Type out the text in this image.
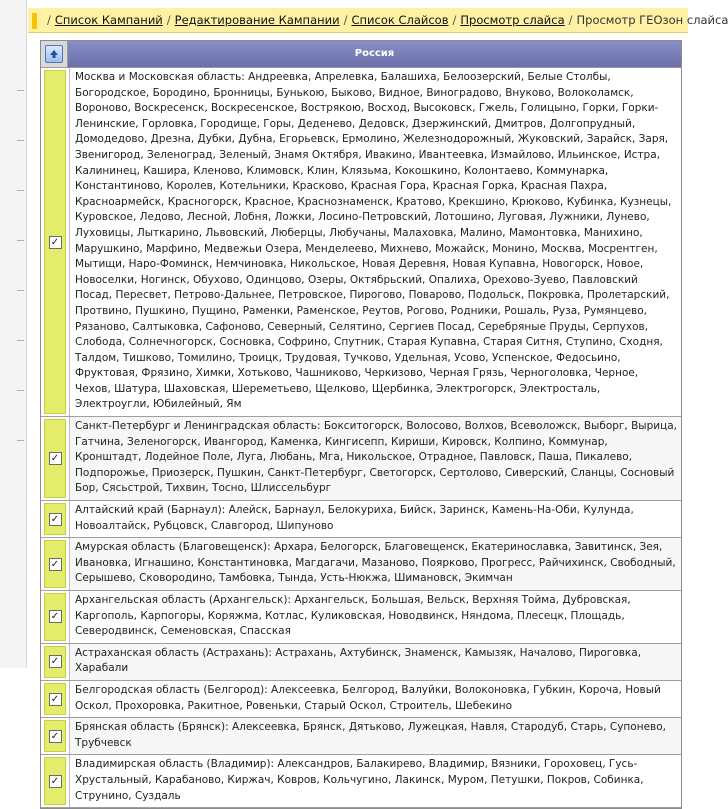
/ Список Кампаний / Редактирование Кампании / Список Слайсов / Просмотр слайса / Просмотр ГЕОзон слайса
Россия
✓
Москва и Московская область: Андреевка, Апрелевка, Балашиха, Белоозерский, Белые Столбы, Богородское, Бородино, Бронницы, Бунькою, Быково, Видное, Виноградово, Внуково, Волоколамск, Вороново, Воскресенск, Воскресенское, Вострякою, Восход, Высоковск, Гжель, Голицыно, Горки, Горки-Ленинские, Горловка, Городище, Горы, Деденево, Дедовск, Дзержинский, Дмитров, Долгопрудный, Домодедово, Дрезна, Дубки, Дубна, Егорьевск, Ермолино, Железнодорожный, Жуковский, Зарайск, Заря, Звенигород, Зеленоград, Зеленый, Знамя Октября, Ивакино, Ивантеевка, Измайлово, Ильинское, Истра, Калининец, Кашира, Кленово, Климовск, Клин, Клязьма, Кокошкино, Колонтаево, Коммунарка, Константиново, Королев, Котельники, Красково, Красная Гора, Красная Горка, Красная Пахра, Краснoармейск, Красногорск, Красное, Краснознаменск, Кратово, Крекшино, Крюково, Кубинка, Кузнецы, Куровское, Ледово, Лесной, Лобня, Ложки, Лосино-Петровский, Лотошино, Луговая, Лужники, Лунево, Луховицы, Лыткарино, Львовский, Люберцы, Любучаны, Малаховка, Малино, Мамонтовка, Манихино, Марушкино, Марфино, Медвежьи Озера, Менделеево, Михнево, Можайск, Монино, Москва, Мосрентген, Мытищи, Наро-Фоминск, Немчиновка, Никольское, Новая Деревня, Новая Купавна, Новогорск, Новое, Новоселки, Ногинск, Обухово, Одинцово, Озеры, Октябрьский, Опалиха, Орехово-Зуево, Павловский Посад, Пересвет, Петрово-Дальнее, Петровское, Пирогово, Поварово, Подольск, Покровка, Пролетарский, Протвино, Пушкино, Пущино, Раменки, Раменское, Реутов, Рогово, Родники, Рошаль, Руза, Румянцево, Рязаново, Салтыковка, Сафоново, Северный, Селятино, Сергиев Посад, Серебряные Пруды, Серпухов, Слобода, Солнечногорск, Сосновка, Софрино, Спутник, Старая Купавна, Старая Ситня, Ступино, Сходня, Талдом, Тишково, Томилино, Троицк, Трудовая, Тучково, Удельная, Усово, Успенское, Федосьино, Фруктовая, Фрязино, Химки, Хотьково, Чашниково, Черкизово, Черная Грязь, Черноголовка, Черное, Чехов, Шатура, Шаховская, Шереметьево, Щелково, Щербинка, Электрогорск, Электросталь, Электроугли, Юбилейный, Ям
✓
Санкт-Петербург и Ленинградская область: Бокситогорск, Волосово, Волхов, Всеволожск, Выборг, Вырица, Гатчина, Зеленогорск, Ивангород, Каменка, Кингисепп, Кириши, Кировск, Колпино, Коммунар, Кронштадт, Лодейное Поле, Луга, Любань, Мга, Никольское, Отрадное, Павловск, Паша, Пикалево, Подпорожье, Приозерск, Пушкин, Санкт-Петербург, Светогорск, Сертолово, Сиверский, Сланцы, Сосновый Бор, Сясьстрой, Тихвин, Тосно, Шлиссельбург
✓
Алтайский край (Барнаул): Алейск, Барнаул, Белокуриха, Бийск, Заринск, Камень-На-Оби, Кулунда, Новоалтайск, Рубцовск, Славгород, Шипуново
✓
Амурская область (Благовещенск): Архара, Белогорск, Благовещенск, Екатеринославка, Завитинск, Зея, Ивановка, Игнашино, Константиновка, Магдагачи, Мазаново, Поярково, Прогресс, Райчихинск, Свободный, Серышево, Сковородино, Тамбовка, Тында, Усть-Нюкжа, Шимановск, Экимчан
✓
Архангельская область (Архангельск): Архангельск, Большая, Вельск, Верхняя Тойма, Дубровская, Каргополь, Карпогоры, Коряжма, Котлас, Куликовская, Новодвинск, Няндома, Плесецк, Площадь, Северодвинск, Семеновская, Спасская
✓
Астраханская область (Астрахань): Астрахань, Ахтубинск, Знаменск, Камызяк, Началово, Пироговка, Харабали
✓
Белгородская область (Белгород): Алексеевка, Белгород, Валуйки, Волоконовка, Губкин, Короча, Новый Оскол, Прохоровка, Ракитное, Ровеньки, Старый Оскол, Строитель, Шебекино
✓
Брянская область (Брянск): Алексеевка, Брянск, Дятьково, Лужецкая, Навля, Стародуб, Старь, Супонево, Трубчевск
✓
Владимирская область (Владимир): Александров, Балакирево, Владимир, Вязники, Гороховец, Гусь-Хрустальный, Карабаново, Киржач, Ковров, Кольчугино, Лакинск, Муром, Петушки, Покров, Собинка, Струнино, Суздаль
